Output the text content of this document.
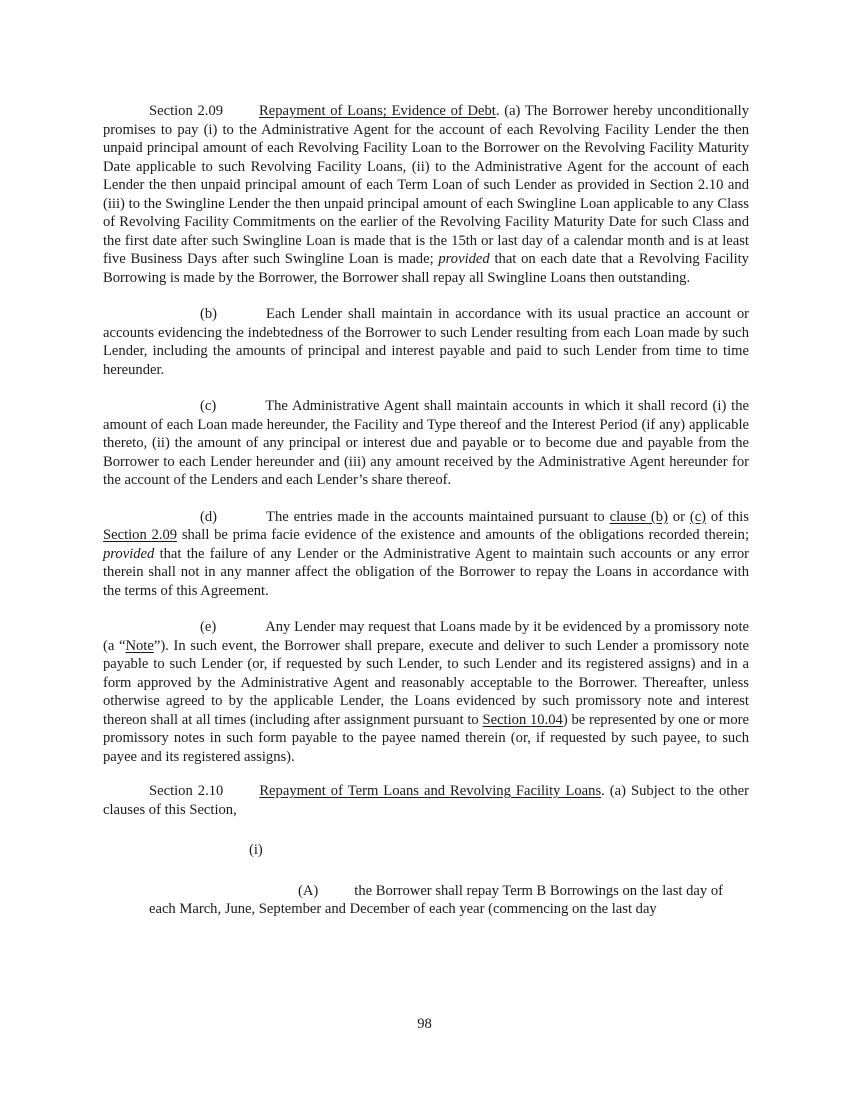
Section 2.09 Repayment of Loans; Evidence of Debt. (a) The Borrower hereby unconditionally promises to pay (i) to the Administrative Agent for the account of each Revolving Facility Lender the then unpaid principal amount of each Revolving Facility Loan to the Borrower on the Revolving Facility Maturity Date applicable to such Revolving Facility Loans, (ii) to the Administrative Agent for the account of each Lender the then unpaid principal amount of each Term Loan of such Lender as provided in Section 2.10 and (iii) to the Swingline Lender the then unpaid principal amount of each Swingline Loan applicable to any Class of Revolving Facility Commitments on the earlier of the Revolving Facility Maturity Date for such Class and the first date after such Swingline Loan is made that is the 15th or last day of a calendar month and is at least five Business Days after such Swingline Loan is made; provided that on each date that a Revolving Facility Borrowing is made by the Borrower, the Borrower shall repay all Swingline Loans then outstanding.

(b)	Each Lender shall maintain in accordance with its usual practice an account or accounts evidencing the indebtedness of the Borrower to such Lender resulting from each Loan made by such Lender, including the amounts of principal and interest payable and paid to such Lender from time to time hereunder.

(c)	The Administrative Agent shall maintain accounts in which it shall record (i) the amount of each Loan made hereunder, the Facility and Type thereof and the Interest Period (if any) applicable thereto, (ii) the amount of any principal or interest due and payable or to become due and payable from the Borrower to each Lender hereunder and (iii) any amount received by the Administrative Agent hereunder for the account of the Lenders and each Lender’s share thereof.

(d)	The entries made in the accounts maintained pursuant to clause (b) or (c) of this Section 2.09 shall be prima facie evidence of the existence and amounts of the obligations recorded therein; provided that the failure of any Lender or the Administrative Agent to maintain such accounts or any error therein shall not in any manner affect the obligation of the Borrower to repay the Loans in accordance with the terms of this Agreement.

(e)	Any Lender may request that Loans made by it be evidenced by a promissory note (a “Note”). In such event, the Borrower shall prepare, execute and deliver to such Lender a promissory note payable to such Lender (or, if requested by such Lender, to such Lender and its registered assigns) and in a form approved by the Administrative Agent and reasonably acceptable to the Borrower. Thereafter, unless otherwise agreed to by the applicable Lender, the Loans evidenced by such promissory note and interest thereon shall at all times (including after assignment pursuant to Section 10.04) be represented by one or more promissory notes in such form payable to the payee named therein (or, if requested by such payee, to such payee and its registered assigns).

Section 2.10 Repayment of Term Loans and Revolving Facility Loans. (a) Subject to the other clauses of this Section,

(i)

(A) the Borrower shall repay Term B Borrowings on the last day of each March, June, September and December of each year (commencing on the last day

98
